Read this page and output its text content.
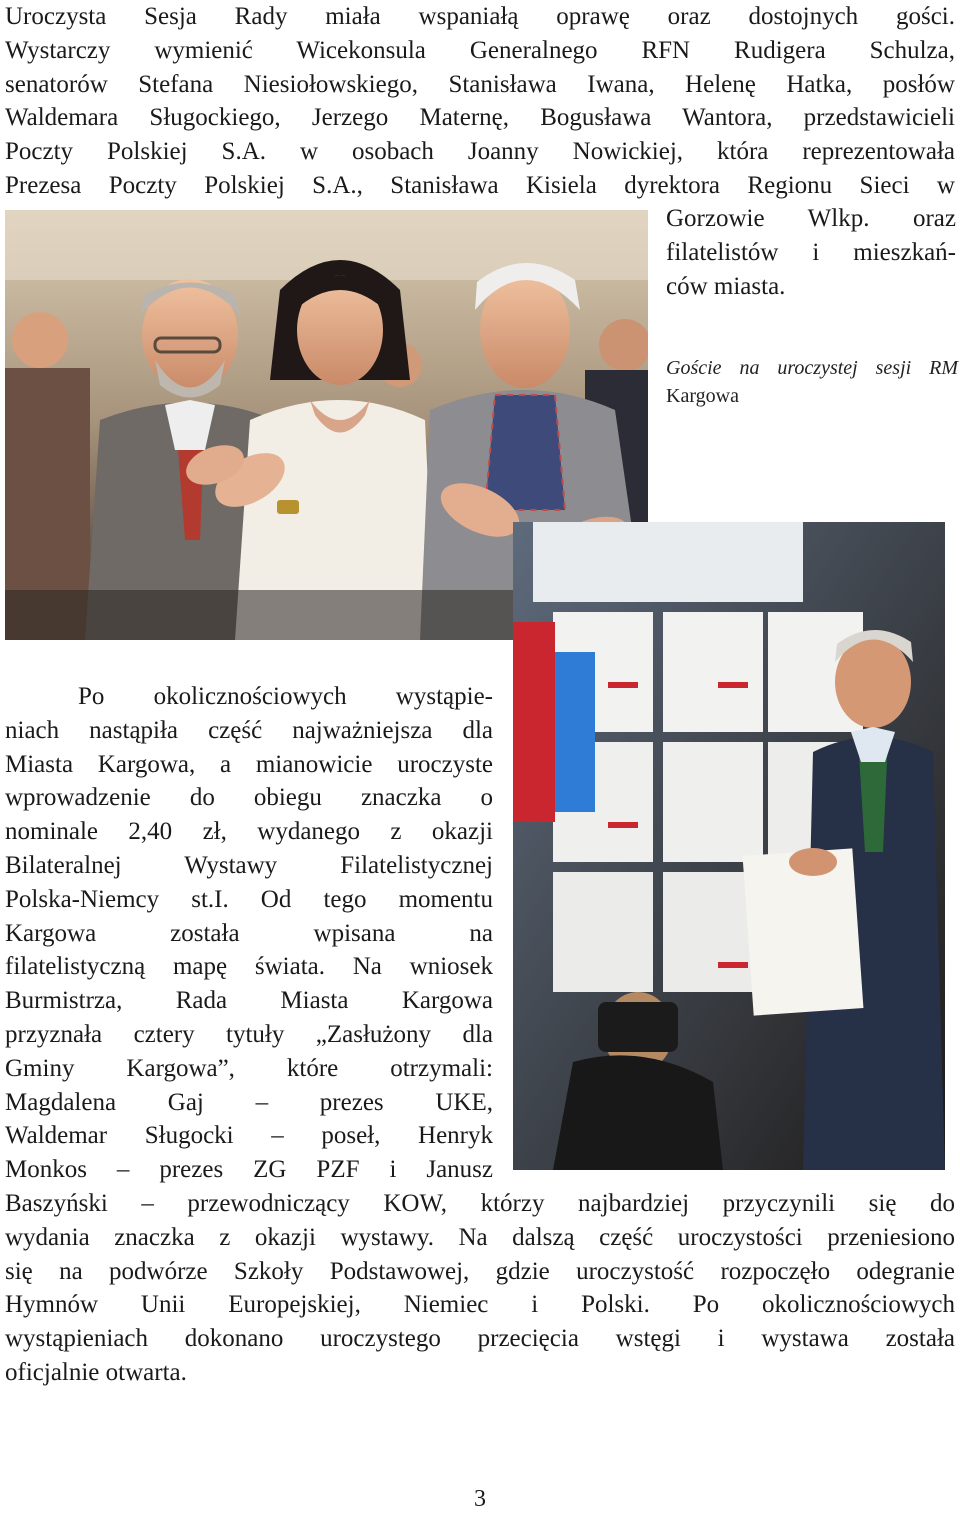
Uroczysta Sesja Rady miała wspaniałą oprawę oraz dostojnych gości.
Wystarczy wymienić Wicekonsula Generalnego RFN Rudigera Schulza,
senatorów Stefana Niesiołowskiego, Stanisława Iwana, Helenę Hatka, posłów
Waldemara Sługockiego, Jerzego Maternę, Bogusława Wantora, przedstawicieli
Poczty Polskiej S.A. w osobach Joanny Nowickiej, która reprezentowała
Prezesa Poczty Polskiej S.A., Stanisława Kisiela dyrektora Regionu Sieci w
Gorzowie Wlkp. oraz
filatelistów i mieszkań-
ców miasta.
Goście na uroczystej sesji RM
Kargowa
Po okolicznościowych wystąpie-
niach nastąpiła część najważniejsza dla
Miasta Kargowa, a mianowicie uroczyste
wprowadzenie do obiegu znaczka o
nominale 2,40 zł, wydanego z okazji
Bilateralnej Wystawy Filatelistycznej
Polska-Niemcy st.I. Od tego momentu
Kargowa została wpisana na
filatelistyczną mapę świata. Na wniosek
Burmistrza, Rada Miasta Kargowa
przyznała cztery tytuły „Zasłużony dla
Gminy Kargowa”, które otrzymali:
Magdalena Gaj – prezes UKE,
Waldemar Sługocki – poseł, Henryk
Monkos – prezes ZG PZF i Janusz
Baszyński – przewodniczący KOW, którzy najbardziej przyczynili się do
wydania znaczka z okazji wystawy. Na dalszą część uroczystości przeniesiono
się na podwórze Szkoły Podstawowej, gdzie uroczystość rozpoczęło odegranie
Hymnów Unii Europejskiej, Niemiec i Polski. Po okolicznościowych
wystąpieniach dokonano uroczystego przecięcia wstęgi i wystawa została
oficjalnie otwarta.
3
